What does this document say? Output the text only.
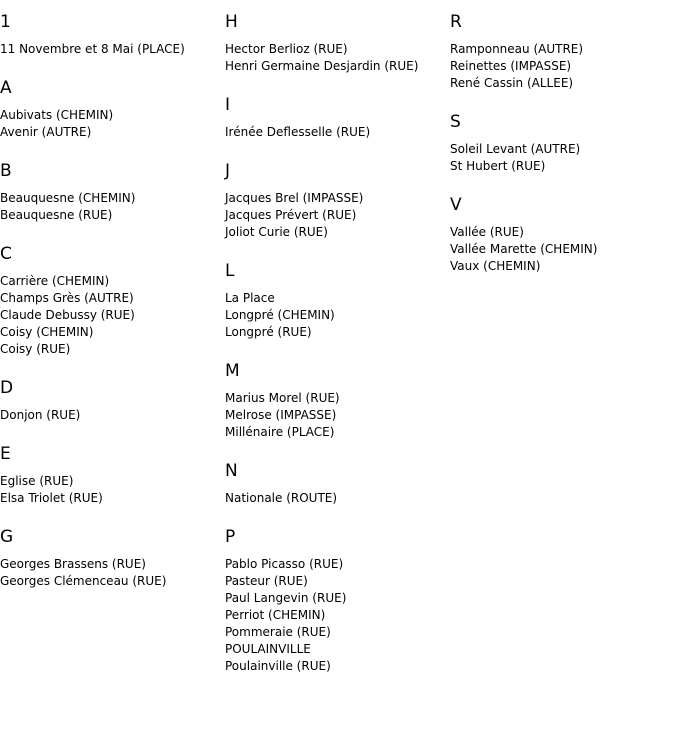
1
11 Novembre et 8 Mai (PLACE)
A
Aubivats (CHEMIN)
Avenir (AUTRE)
B
Beauquesne (CHEMIN)
Beauquesne (RUE)
C
Carrière (CHEMIN)
Champs Grès (AUTRE)
Claude Debussy (RUE)
Coisy (CHEMIN)
Coisy (RUE)
D
Donjon (RUE)
E
Eglise (RUE)
Elsa Triolet (RUE)
G
Georges Brassens (RUE)
Georges Clémenceau (RUE)
H
Hector Berlioz (RUE)
Henri Germaine Desjardin (RUE)
I
Irénée Deflesselle (RUE)
J
Jacques Brel (IMPASSE)
Jacques Prévert (RUE)
Joliot Curie (RUE)
L
La Place
Longpré (CHEMIN)
Longpré (RUE)
M
Marius Morel (RUE)
Melrose (IMPASSE)
Millénaire (PLACE)
N
Nationale (ROUTE)
P
Pablo Picasso (RUE)
Pasteur (RUE)
Paul Langevin (RUE)
Perriot (CHEMIN)
Pommeraie (RUE)
POULAINVILLE
Poulainville (RUE)
R
Ramponneau (AUTRE)
Reinettes (IMPASSE)
René Cassin (ALLEE)
S
Soleil Levant (AUTRE)
St Hubert (RUE)
V
Vallée (RUE)
Vallée Marette (CHEMIN)
Vaux (CHEMIN)
